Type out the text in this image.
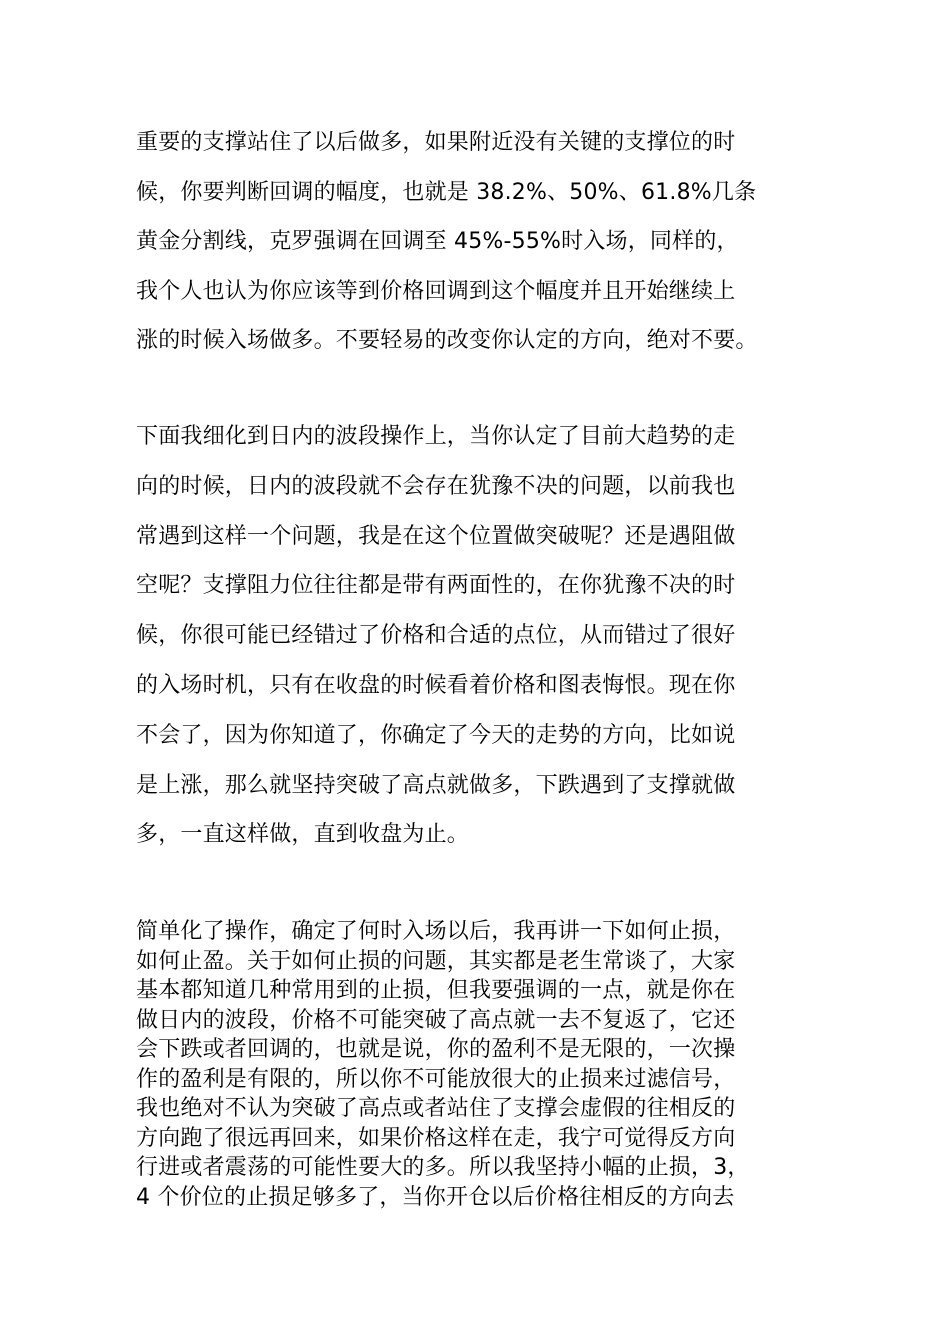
重要的支撑站住了以后做多，如果附近没有关键的支撑位的时
候，你要判断回调的幅度，也就是 38.2%、50%、61.8%几条
黄金分割线，克罗强调在回调至 45%-55%时入场，同样的，
我个人也认为你应该等到价格回调到这个幅度并且开始继续上
涨的时候入场做多。不要轻易的改变你认定的方向，绝对不要。

下面我细化到日内的波段操作上，当你认定了目前大趋势的走
向的时候，日内的波段就不会存在犹豫不决的问题，以前我也
常遇到这样一个问题，我是在这个位置做突破呢？还是遇阻做
空呢？支撑阻力位往往都是带有两面性的，在你犹豫不决的时
候，你很可能已经错过了价格和合适的点位，从而错过了很好
的入场时机，只有在收盘的时候看着价格和图表悔恨。现在你
不会了，因为你知道了，你确定了今天的走势的方向，比如说
是上涨，那么就坚持突破了高点就做多，下跌遇到了支撑就做
多，一直这样做，直到收盘为止。

简单化了操作，确定了何时入场以后，我再讲一下如何止损，
如何止盈。关于如何止损的问题，其实都是老生常谈了，大家
基本都知道几种常用到的止损，但我要强调的一点，就是你在
做日内的波段，价格不可能突破了高点就一去不复返了，它还
会下跌或者回调的，也就是说，你的盈利不是无限的，一次操
作的盈利是有限的，所以你不可能放很大的止损来过滤信号，
我也绝对不认为突破了高点或者站住了支撑会虚假的往相反的
方向跑了很远再回来，如果价格这样在走，我宁可觉得反方向
行进或者震荡的可能性要大的多。所以我坚持小幅的止损，3，
4 个价位的止损足够多了，当你开仓以后价格往相反的方向去
